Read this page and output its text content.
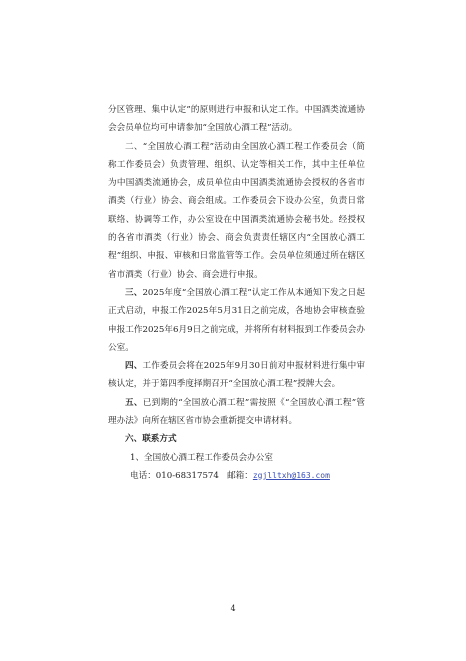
分区管理、集中认定”的原则进行申报和认定工作。中国酒类流通协会会员单位均可申请参加“全国放心酒工程”活动。

二、“全国放心酒工程”活动由全国放心酒工程工作委员会（简称工作委员会）负责管理、组织、认定等相关工作，其中主任单位为中国酒类流通协会，成员单位由中国酒类流通协会授权的各省市酒类（行业）协会、商会组成。工作委员会下设办公室，负责日常联络、协调等工作，办公室设在中国酒类流通协会秘书处。经授权的各省市酒类（行业）协会、商会负责责任辖区内“全国放心酒工程”组织、申报、审核和日常监管等工作。会员单位须通过所在辖区省市酒类（行业）协会、商会进行申报。

三、2025年度“全国放心酒工程”认定工作从本通知下发之日起正式启动，申报工作2025年5月31日之前完成，各地协会审核查验申报工作2025年6月9日之前完成，并将所有材料报到工作委员会办公室。

四、工作委员会将在2025年9月30日前对申报材料进行集中审核认定，并于第四季度择期召开“全国放心酒工程”授牌大会。

五、已到期的“全国放心酒工程”需按照《“全国放心酒工程”管理办法》向所在辖区省市协会重新提交申请材料。

六、联系方式

1、全国放心酒工程工作委员会办公室

电话：010-68317574 邮箱：zgjlltxh@163.com

4
